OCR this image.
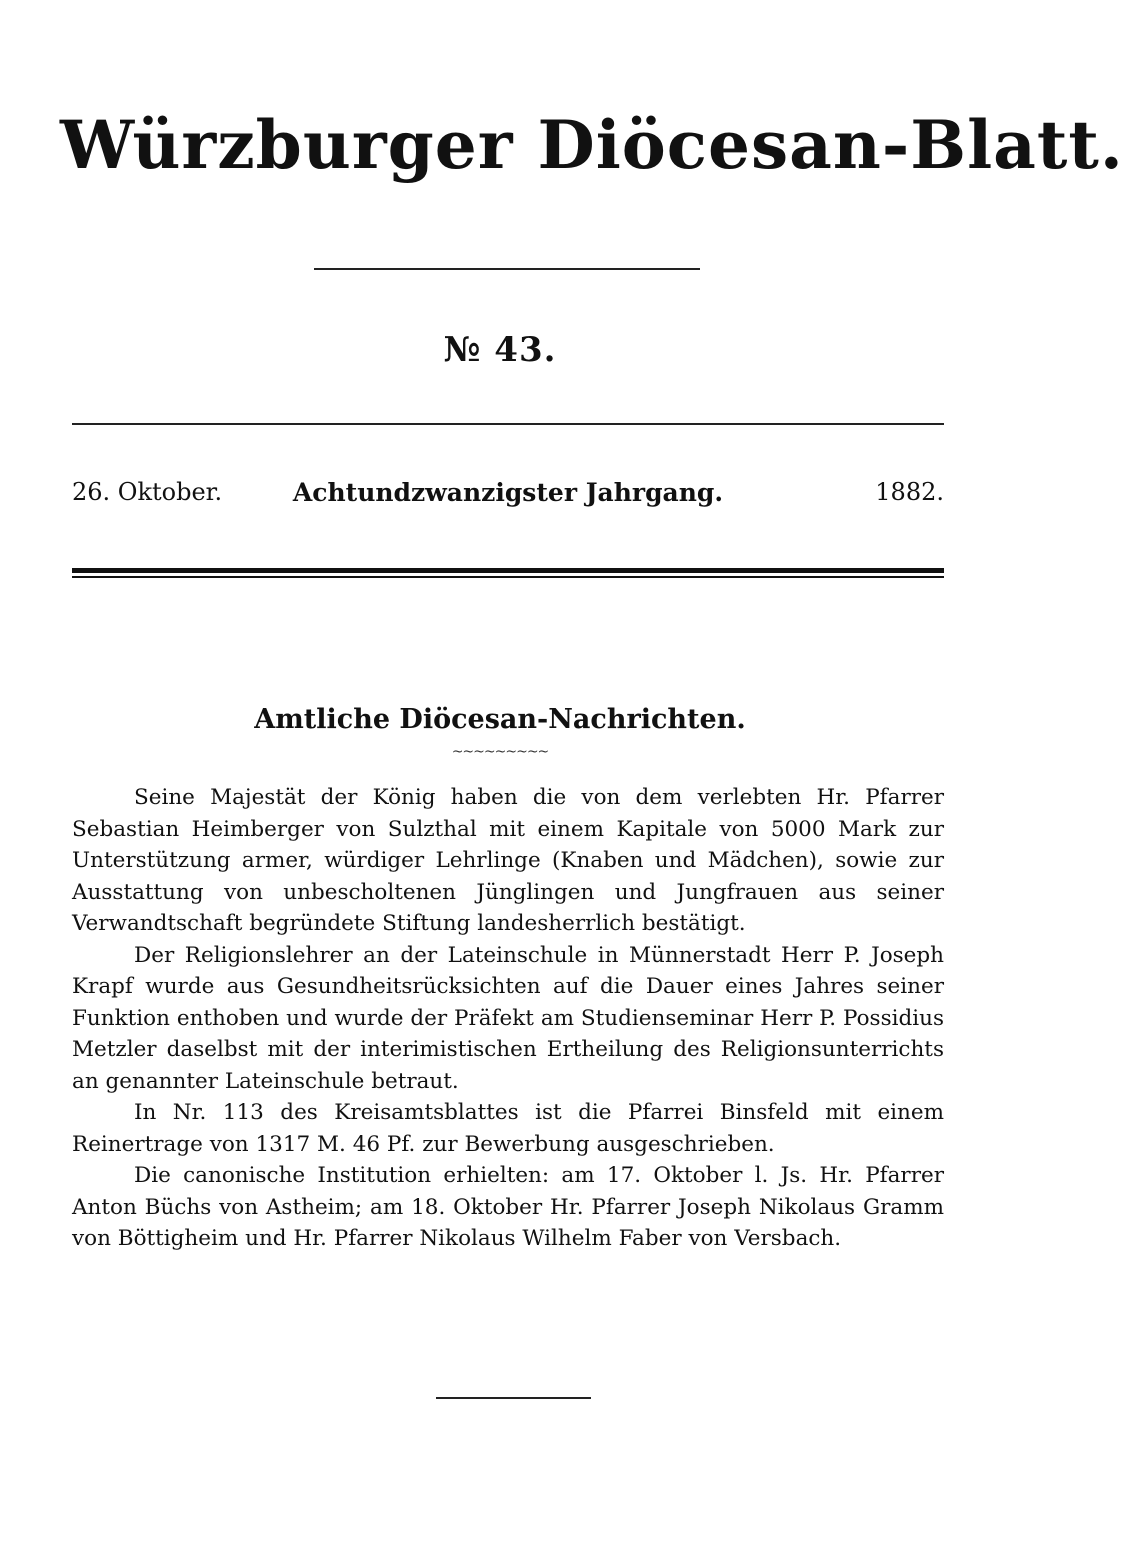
Würzburger Diöcesan-Blatt.
№ 43.
26. Oktober.	Achtundzwanzigster Jahrgang.	1882.
Amtliche Diöcesan-Nachrichten.
~~~~~~~~~

Seine Majestät der König haben die von dem verlebten Hr. Pfarrer Sebastian Heimberger von Sulzthal mit einem Kapitale von 5000 Mark zur Unterstützung armer, würdiger Lehrlinge (Knaben und Mädchen), sowie zur Ausstattung von unbescholtenen Jünglingen und Jungfrauen aus seiner Verwandtschaft begründete Stiftung landesherrlich bestätigt.

Der Religionslehrer an der Lateinschule in Münnerstadt Herr P. Joseph Krapf wurde aus Gesundheitsrücksichten auf die Dauer eines Jahres seiner Funktion enthoben und wurde der Präfekt am Studienseminar Herr P. Possidius Metzler daselbst mit der interimistischen Ertheilung des Religionsunterrichts an genannter Lateinschule betraut.

In Nr. 113 des Kreisamtsblattes ist die Pfarrei Binsfeld mit einem Reinertrage von 1317 M. 46 Pf. zur Bewerbung ausgeschrieben.

Die canonische Institution erhielten: am 17. Oktober l. Js. Hr. Pfarrer Anton Büchs von Astheim; am 18. Oktober Hr. Pfarrer Joseph Nikolaus Gramm von Böttigheim und Hr. Pfarrer Nikolaus Wilhelm Faber von Versbach.
